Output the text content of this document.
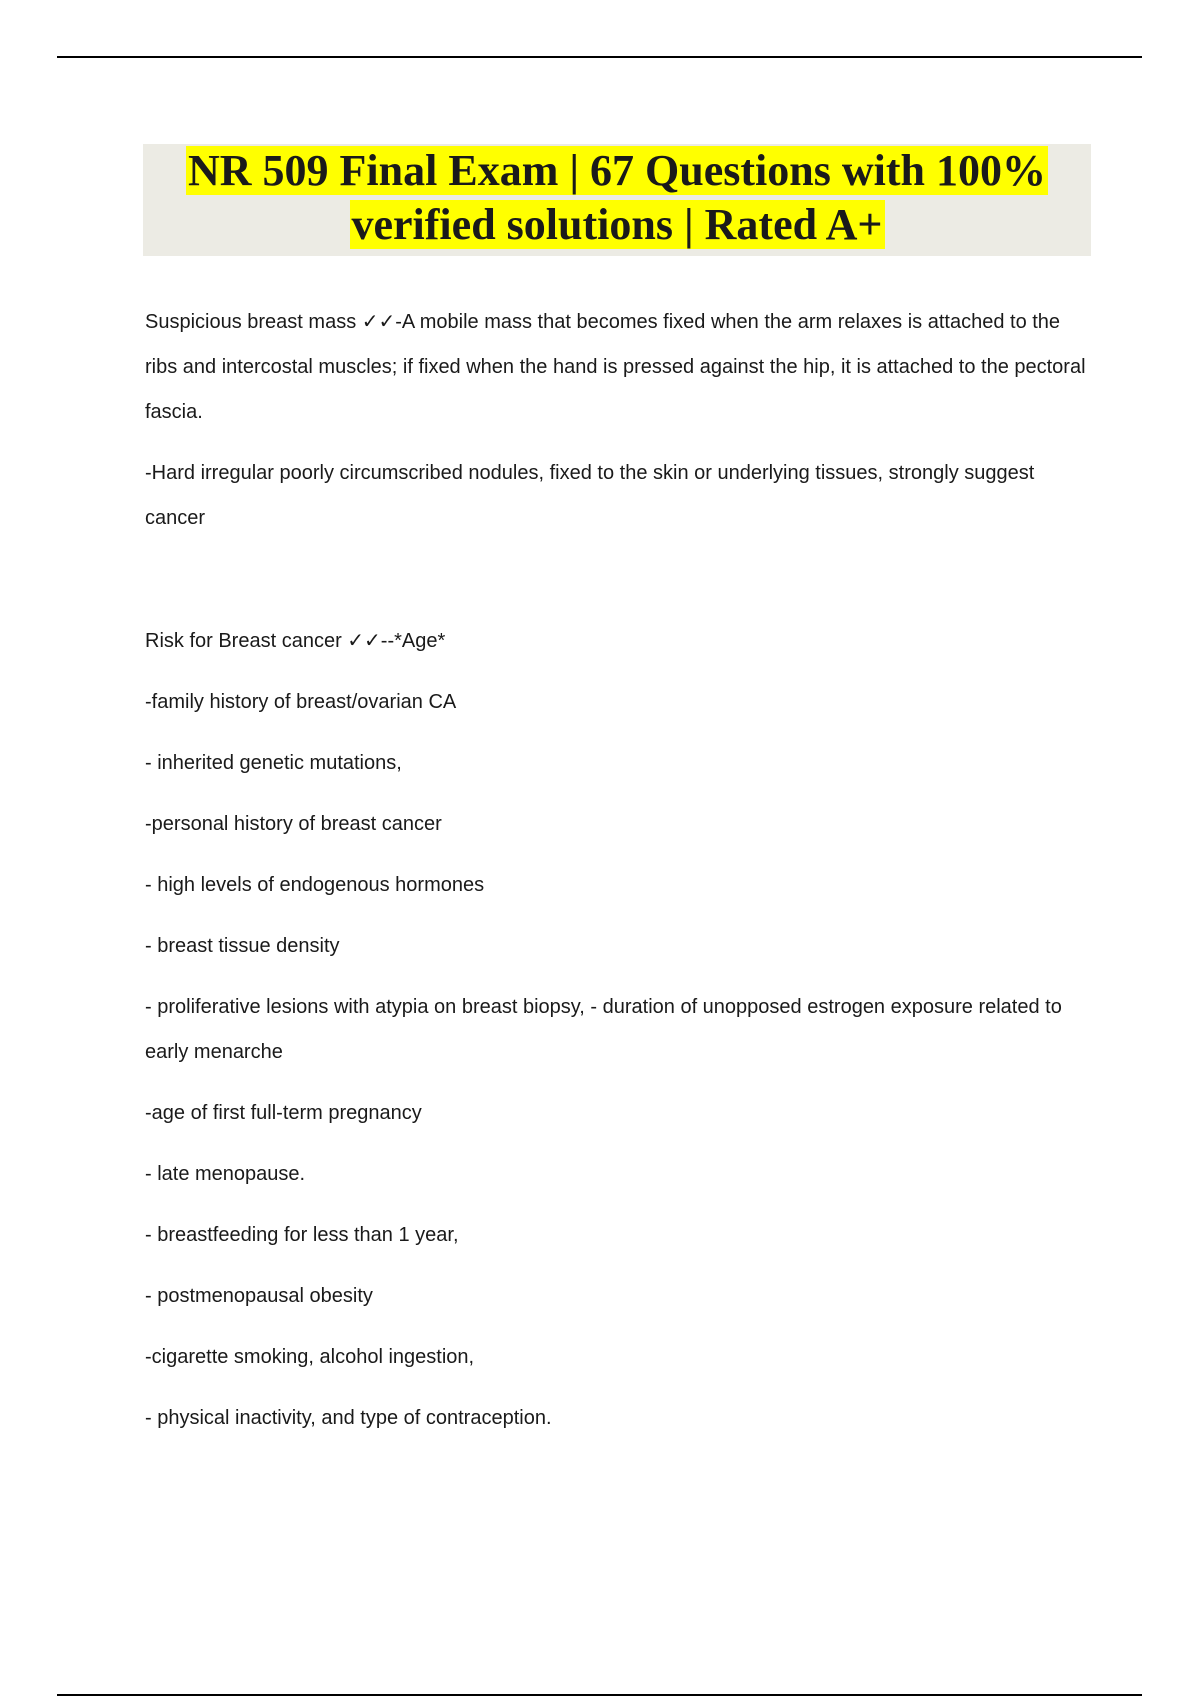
NR 509 Final Exam | 67 Questions with 100%
verified solutions | Rated A+

Suspicious breast mass ✓✓-A mobile mass that becomes fixed when the arm relaxes is attached to the ribs and intercostal muscles; if fixed when the hand is pressed against the hip, it is attached to the pectoral fascia.

-Hard irregular poorly circumscribed nodules, fixed to the skin or underlying tissues, strongly suggest cancer

Risk for Breast cancer ✓✓--*Age*

-family history of breast/ovarian CA

- inherited genetic mutations,

-personal history of breast cancer

- high levels of endogenous hormones

- breast tissue density

- proliferative lesions with atypia on breast biopsy, - duration of unopposed estrogen exposure related to early menarche

-age of first full-term pregnancy

- late menopause.

- breastfeeding for less than 1 year,

- postmenopausal obesity

-cigarette smoking, alcohol ingestion,

- physical inactivity, and type of contraception.
